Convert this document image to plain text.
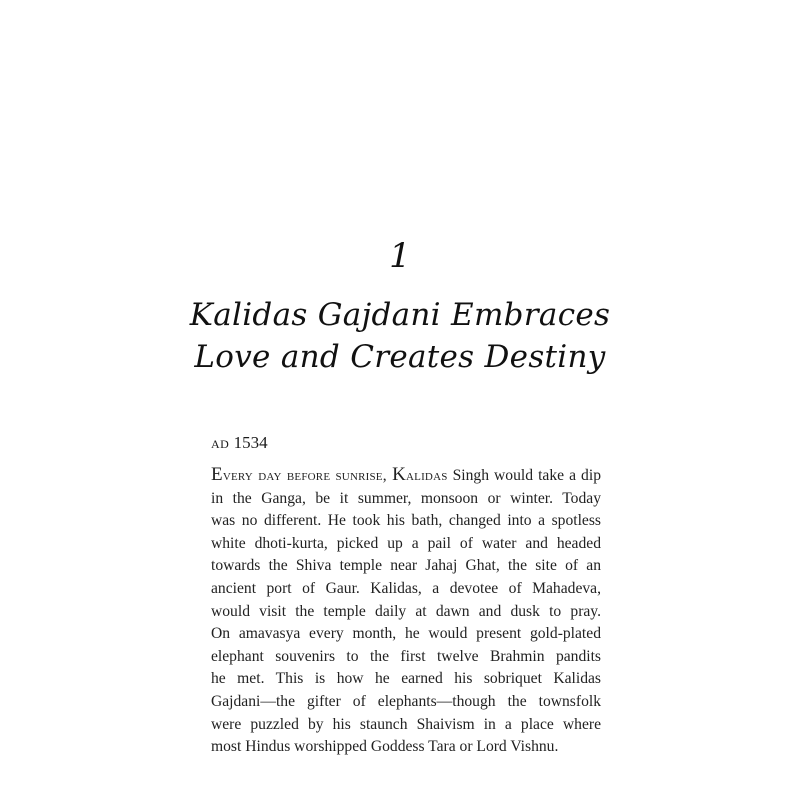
1
Kalidas Gajdani Embraces
Love and Creates Destiny
ad 1534
Every day before sunrise, Kalidas Singh would take a dip
in the Ganga, be it summer, monsoon or winter. Today
was no different. He took his bath, changed into a spotless
white dhoti-kurta, picked up a pail of water and headed
towards the Shiva temple near Jahaj Ghat, the site of an
ancient port of Gaur. Kalidas, a devotee of Mahadeva,
would visit the temple daily at dawn and dusk to pray.
On amavasya every month, he would present gold-plated
elephant souvenirs to the first twelve Brahmin pandits
he met. This is how he earned his sobriquet Kalidas
Gajdani—the gifter of elephants—though the townsfolk
were puzzled by his staunch Shaivism in a place where
most Hindus worshipped Goddess Tara or Lord Vishnu.
